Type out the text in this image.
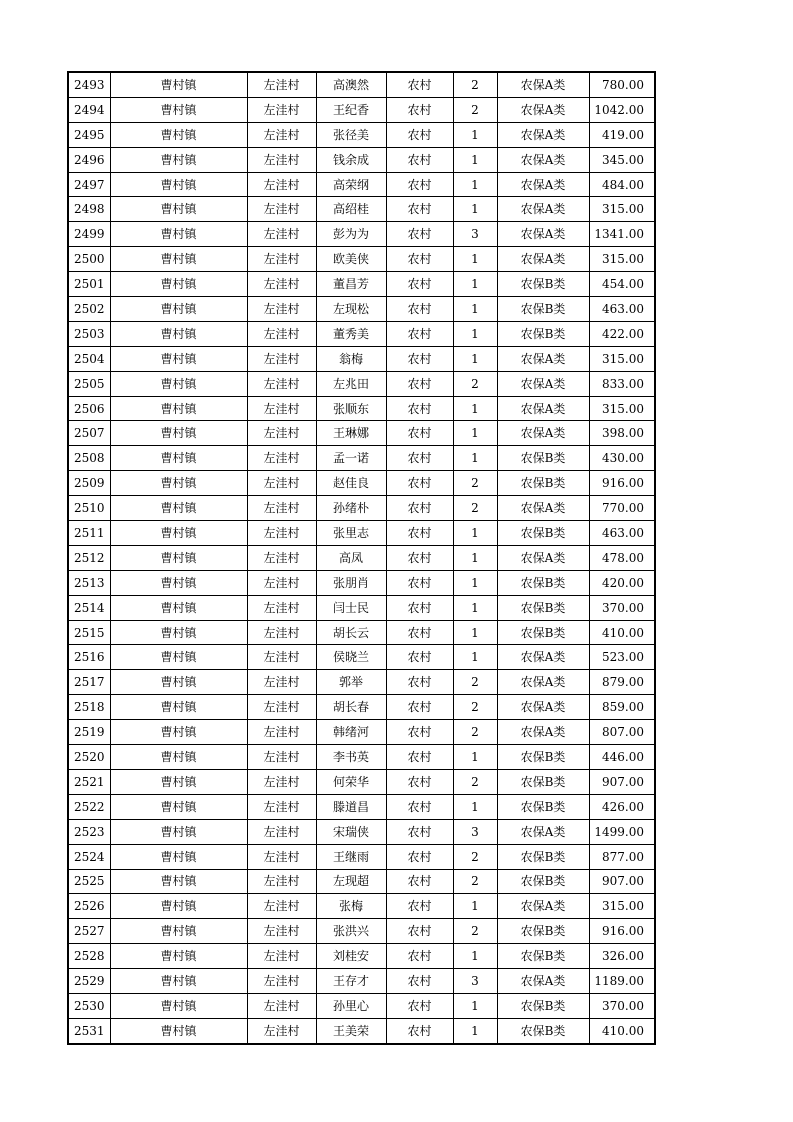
2493	曹村镇	左洼村	高澳然	农村	2	农保A类	780.00
2494	曹村镇	左洼村	王纪香	农村	2	农保A类	1042.00
2495	曹村镇	左洼村	张径美	农村	1	农保A类	419.00
2496	曹村镇	左洼村	钱余成	农村	1	农保A类	345.00
2497	曹村镇	左洼村	高荣纲	农村	1	农保A类	484.00
2498	曹村镇	左洼村	高绍桂	农村	1	农保A类	315.00
2499	曹村镇	左洼村	彭为为	农村	3	农保A类	1341.00
2500	曹村镇	左洼村	欧美侠	农村	1	农保A类	315.00
2501	曹村镇	左洼村	董昌芳	农村	1	农保B类	454.00
2502	曹村镇	左洼村	左现松	农村	1	农保B类	463.00
2503	曹村镇	左洼村	董秀美	农村	1	农保B类	422.00
2504	曹村镇	左洼村	翁梅	农村	1	农保A类	315.00
2505	曹村镇	左洼村	左兆田	农村	2	农保A类	833.00
2506	曹村镇	左洼村	张顺东	农村	1	农保A类	315.00
2507	曹村镇	左洼村	王琳娜	农村	1	农保A类	398.00
2508	曹村镇	左洼村	孟一诺	农村	1	农保B类	430.00
2509	曹村镇	左洼村	赵佳良	农村	2	农保B类	916.00
2510	曹村镇	左洼村	孙绪朴	农村	2	农保A类	770.00
2511	曹村镇	左洼村	张里志	农村	1	农保B类	463.00
2512	曹村镇	左洼村	高凤	农村	1	农保A类	478.00
2513	曹村镇	左洼村	张朋肖	农村	1	农保B类	420.00
2514	曹村镇	左洼村	闫士民	农村	1	农保B类	370.00
2515	曹村镇	左洼村	胡长云	农村	1	农保B类	410.00
2516	曹村镇	左洼村	侯晓兰	农村	1	农保A类	523.00
2517	曹村镇	左洼村	郭举	农村	2	农保A类	879.00
2518	曹村镇	左洼村	胡长春	农村	2	农保A类	859.00
2519	曹村镇	左洼村	韩绪河	农村	2	农保A类	807.00
2520	曹村镇	左洼村	李书英	农村	1	农保B类	446.00
2521	曹村镇	左洼村	何荣华	农村	2	农保B类	907.00
2522	曹村镇	左洼村	滕道昌	农村	1	农保B类	426.00
2523	曹村镇	左洼村	宋瑞侠	农村	3	农保A类	1499.00
2524	曹村镇	左洼村	王继雨	农村	2	农保B类	877.00
2525	曹村镇	左洼村	左现超	农村	2	农保B类	907.00
2526	曹村镇	左洼村	张梅	农村	1	农保A类	315.00
2527	曹村镇	左洼村	张洪兴	农村	2	农保B类	916.00
2528	曹村镇	左洼村	刘桂安	农村	1	农保B类	326.00
2529	曹村镇	左洼村	王存才	农村	3	农保A类	1189.00
2530	曹村镇	左洼村	孙里心	农村	1	农保B类	370.00
2531	曹村镇	左洼村	王美荣	农村	1	农保B类	410.00
